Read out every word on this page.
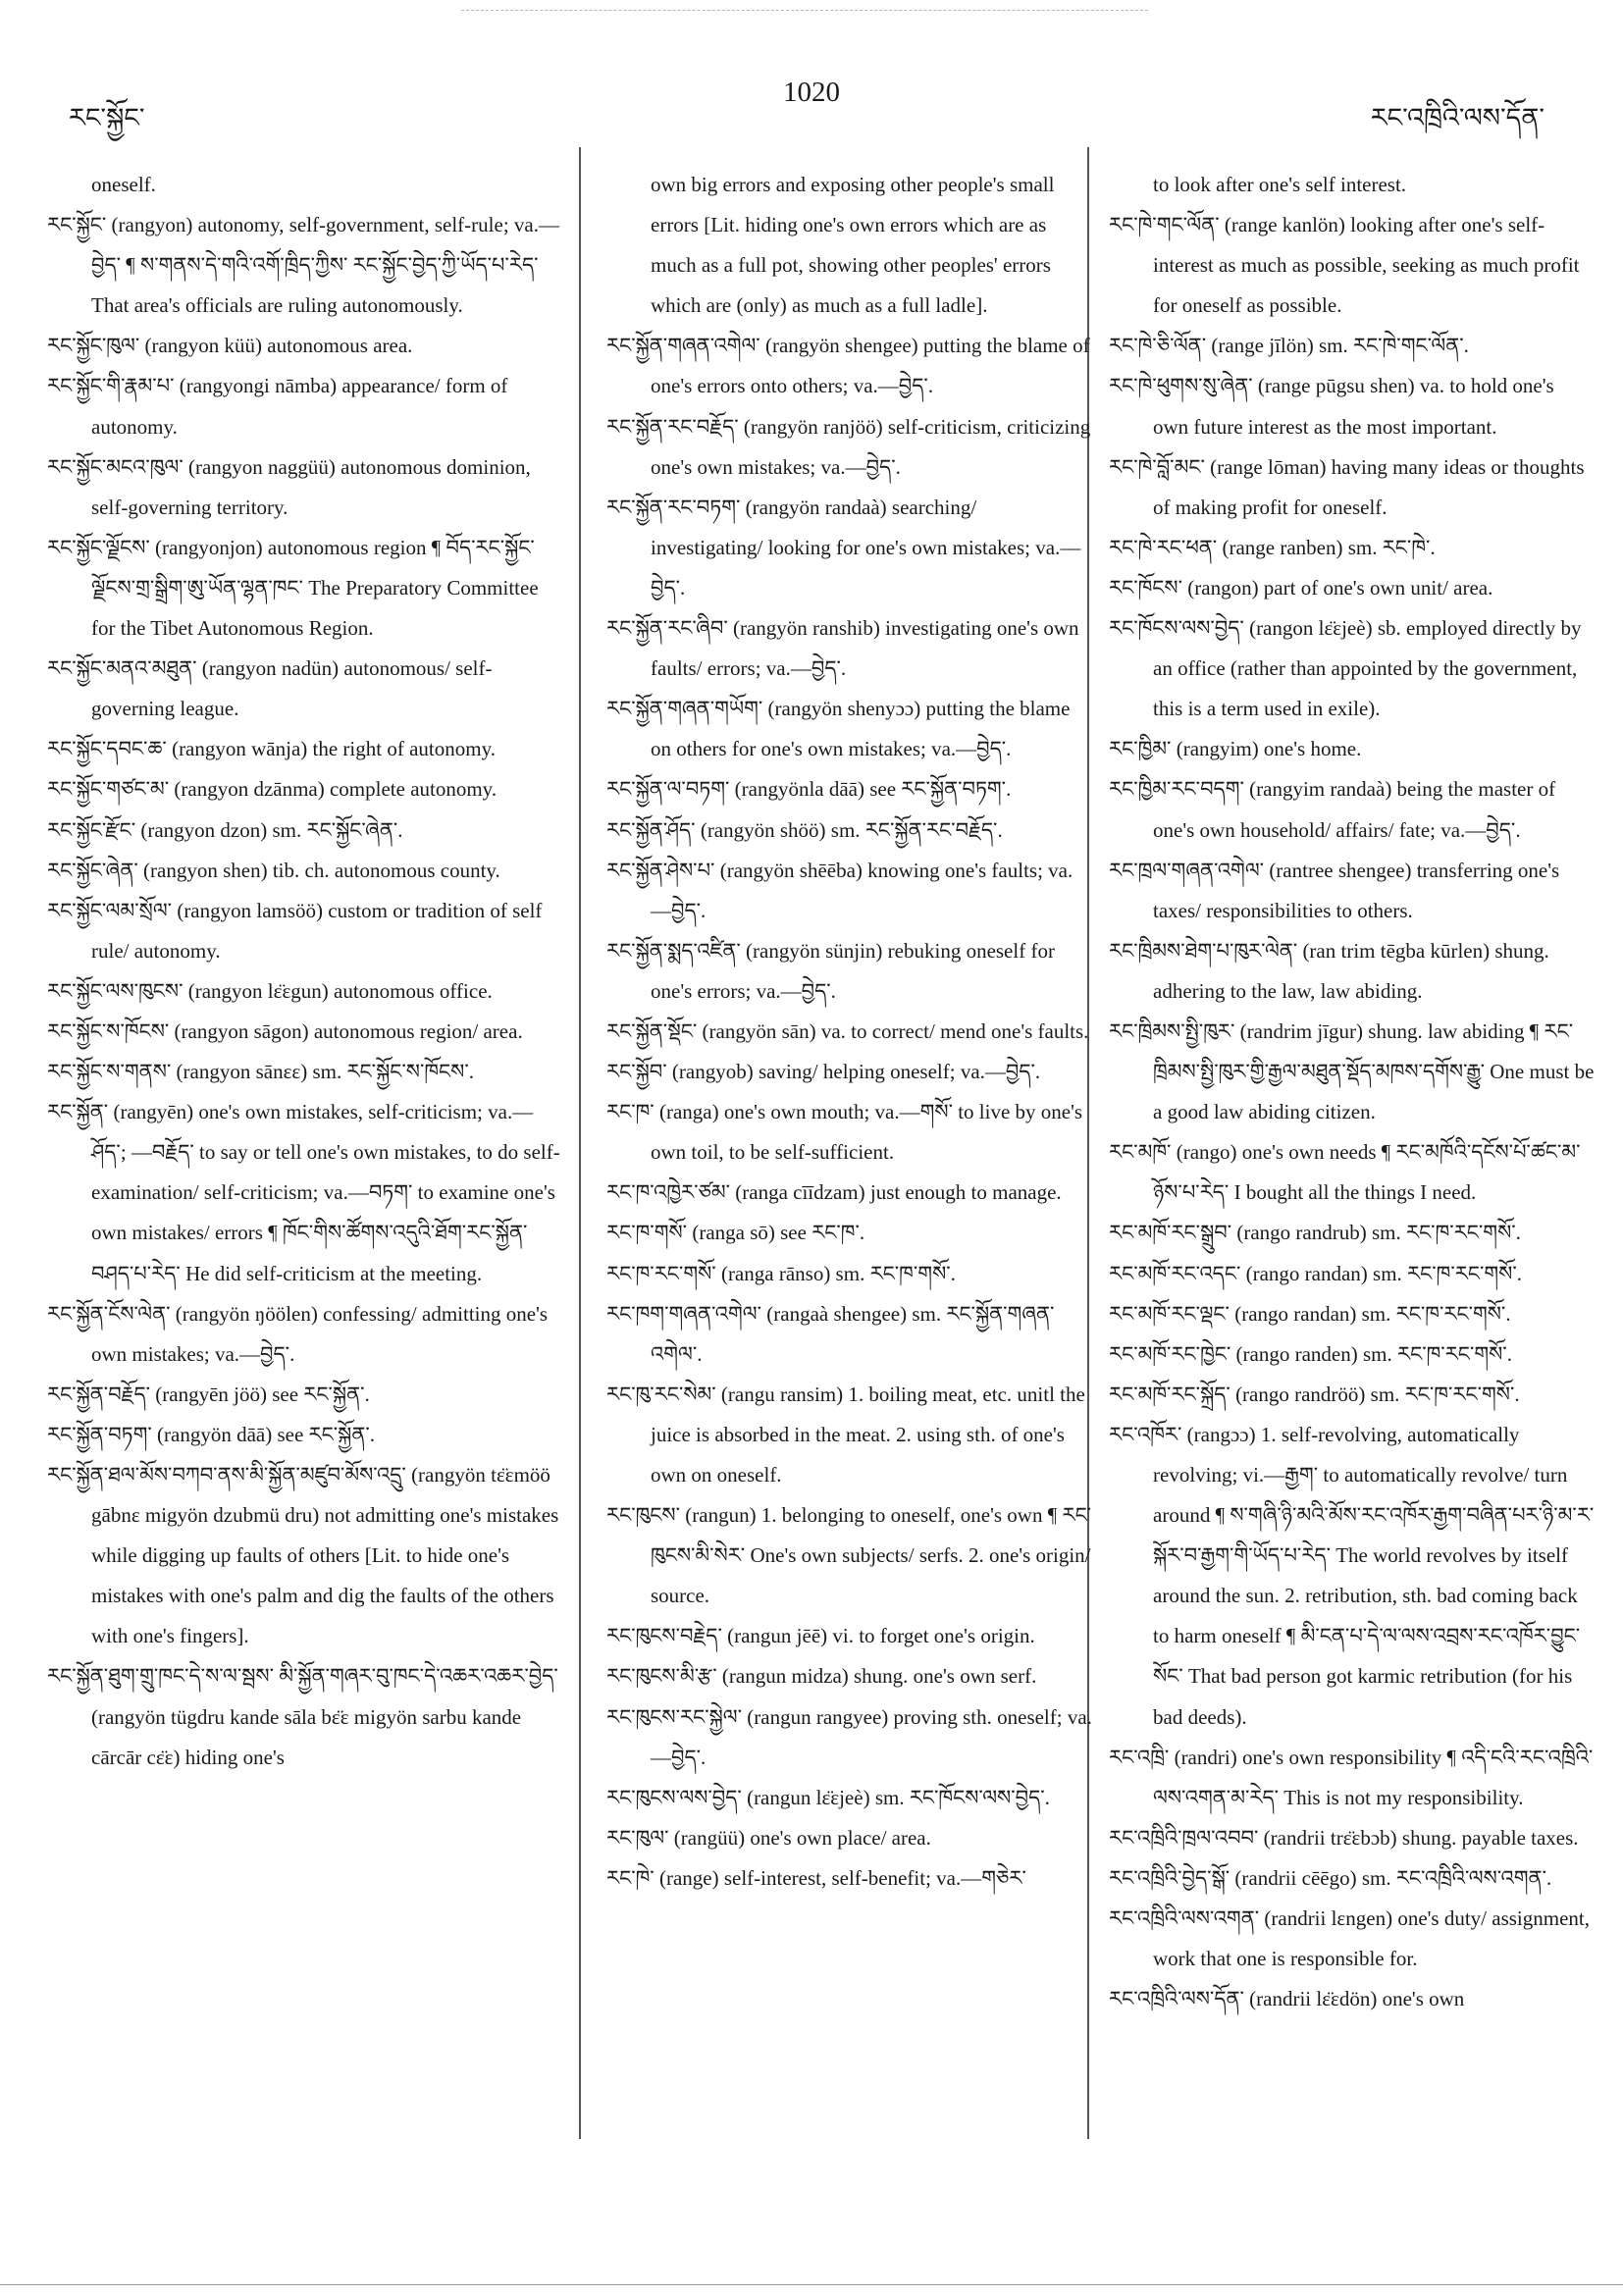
རང་སྐྱོང་
1020
རང་འཁྲིའི་ལས་དོན་

oneself.

རང་སྐྱོང་ (rangyon) autonomy, self-government, self-rule; va.—བྱེད་ ¶ ས་གནས་དེ་གའི་འགོ་ཁྲིད་ཀྱིས་ རང་སྐྱོང་བྱེད་ཀྱི་ཡོད་པ་རེད་ That area's officials are ruling autonomously.

རང་སྐྱོང་ཁུལ་ (rangyon küü) autonomous area.

རང་སྐྱོང་གི་རྣམ་པ་ (rangyongi nāmba) appearance/ form of autonomy.

རང་སྐྱོང་མངའ་ཁུལ་ (rangyon naggüü) autonomous dominion, self-governing territory.

རང་སྐྱོང་ལྗོངས་ (rangyonjon) autonomous region ¶ བོད་རང་སྐྱོང་ལྗོངས་གྲ་སྒྲིག་ཨུ་ཡོན་ལྷན་ཁང་ The Preparatory Committee for the Tibet Autonomous Region.

རང་སྐྱོང་མནའ་མཐུན་ (rangyon nadün) autonomous/ self-governing league.

རང་སྐྱོང་དབང་ཆ་ (rangyon wānja) the right of autonomy.

རང་སྐྱོང་གཙང་མ་ (rangyon dzānma) complete autonomy.

རང་སྐྱོང་རྫོང་ (rangyon dzon) sm. རང་སྐྱོང་ཞེན་.

རང་སྐྱོང་ཞེན་ (rangyon shen) tib. ch. autonomous county.

རང་སྐྱོང་ལམ་སྲོལ་ (rangyon lamsöö) custom or tradition of self rule/ autonomy.

རང་སྐྱོང་ལས་ཁུངས་ (rangyon lɛ̈ɛgun) autonomous office.

རང་སྐྱོང་ས་ཁོངས་ (rangyon sāgon) autonomous region/ area.

རང་སྐྱོང་ས་གནས་ (rangyon sānɛɛ) sm. རང་སྐྱོང་ས་ཁོངས་.

རང་སྐྱོན་ (rangyēn) one's own mistakes, self-criticism; va.—ཤོད་; —བརྗོད་ to say or tell one's own mistakes, to do self-examination/ self-criticism; va.—བཏག་ to examine one's own mistakes/ errors ¶ ཁོང་གིས་ཚོགས་འདུའི་ཐོག་རང་སྐྱོན་བཤད་པ་རེད་ He did self-criticism at the meeting.

རང་སྐྱོན་ངོས་ལེན་ (rangyön ŋöölen) confessing/ admitting one's own mistakes; va.—བྱེད་.

རང་སྐྱོན་བརྗོད་ (rangyēn jöö) see རང་སྐྱོན་.

རང་སྐྱོན་བཏག་ (rangyön dāā) see རང་སྐྱོན་.

རང་སྐྱོན་ཐལ་མོས་བཀབ་ནས་མི་སྐྱོན་མཛུབ་མོས་འདྲུ་ (rangyön tɛ̈ɛmöö gābnɛ migyön dzubmü dru) not admitting one's mistakes while digging up faults of others [Lit. to hide one's mistakes with one's palm and dig the faults of the others with one's fingers].

རང་སྐྱོན་ཐུག་གྲུ་ཁང་དེ་ས་ལ་སྦས་ མི་སྐྱོན་གཞར་བུ་ཁང་དེ་འཆར་འཆར་བྱེད་ (rangyön tügdru kande sāla bɛ̈ɛ migyön sarbu kande cārcār cɛ̈ɛ) hiding one's

own big errors and exposing other people's small errors [Lit. hiding one's own errors which are as much as a full pot, showing other peoples' errors which are (only) as much as a full ladle].

རང་སྐྱོན་གཞན་འགེལ་ (rangyön shengee) putting the blame of one's errors onto others; va.—བྱེད་.

རང་སྐྱོན་རང་བརྗོད་ (rangyön ranjöö) self-criticism, criticizing one's own mistakes; va.—བྱེད་.

རང་སྐྱོན་རང་བཏག་ (rangyön randaà) searching/ investigating/ looking for one's own mistakes; va.—བྱེད་.

རང་སྐྱོན་རང་ཞིབ་ (rangyön ranshib) investigating one's own faults/ errors; va.—བྱེད་.

རང་སྐྱོན་གཞན་གཡོག་ (rangyön shenyɔɔ) putting the blame on others for one's own mistakes; va.—བྱེད་.

རང་སྐྱོན་ལ་བཏག་ (rangyönla dāā) see རང་སྐྱོན་བཏག་.

རང་སྐྱོན་ཤོད་ (rangyön shöö) sm. རང་སྐྱོན་རང་བརྗོད་.

རང་སྐྱོན་ཤེས་པ་ (rangyön shēēba) knowing one's faults; va.—བྱེད་.

རང་སྐྱོན་སྨད་འཛིན་ (rangyön sünjin) rebuking oneself for one's errors; va.—བྱེད་.

རང་སྐྱོན་སྡོང་ (rangyön sān) va. to correct/ mend one's faults.

རང་སྐྱོབ་ (rangyob) saving/ helping oneself; va.—བྱེད་.

རང་ཁ་ (ranga) one's own mouth; va.—གསོ་ to live by one's own toil, to be self-sufficient.

རང་ཁ་འཁྱེར་ཙམ་ (ranga cīīdzam) just enough to manage.

རང་ཁ་གསོ་ (ranga sō) see རང་ཁ་.

རང་ཁ་རང་གསོ་ (ranga rānso) sm. རང་ཁ་གསོ་.

རང་ཁག་གཞན་འགེལ་ (rangaà shengee) sm. རང་སྐྱོན་གཞན་འགེལ་.

རང་ཁུ་རང་སེམ་ (rangu ransim) 1. boiling meat, etc. unitl the juice is absorbed in the meat. 2. using sth. of one's own on oneself.

རང་ཁུངས་ (rangun) 1. belonging to oneself, one's own ¶ རང་ཁུངས་མི་སེར་ One's own subjects/ serfs. 2. one's origin/ source.

རང་ཁུངས་བརྗེད་ (rangun jēē) vi. to forget one's origin.

རང་ཁུངས་མི་རྩ་ (rangun midza) shung. one's own serf.

རང་ཁུངས་རང་སྐྱེལ་ (rangun rangyee) proving sth. oneself; va.—བྱེད་.

རང་ཁུངས་ལས་བྱེད་ (rangun lɛ̈ɛjeè) sm. རང་ཁོངས་ལས་བྱེད་.

རང་ཁུལ་ (rangüü) one's own place/ area.

རང་ཁེ་ (range) self-interest, self-benefit; va.—གཅེར་

to look after one's self interest.

རང་ཁེ་གང་ལོན་ (range kanlön) looking after one's self-interest as much as possible, seeking as much profit for oneself as possible.

རང་ཁེ་ཅི་ལོན་ (range jīlön) sm. རང་ཁེ་གང་ལོན་.

རང་ཁེ་ཕུགས་སུ་ཞེན་ (range pūgsu shen) va. to hold one's own future interest as the most important.

རང་ཁེ་བློ་མང་ (range lōman) having many ideas or thoughts of making profit for oneself.

རང་ཁེ་རང་ཕན་ (range ranben) sm. རང་ཁེ་.

རང་ཁོངས་ (rangon) part of one's own unit/ area.

རང་ཁོངས་ལས་བྱེད་ (rangon lɛ̈ɛjeè) sb. employed directly by an office (rather than appointed by the government, this is a term used in exile).

རང་ཁྱིམ་ (rangyim) one's home.

རང་ཁྱིམ་རང་བདག་ (rangyim randaà) being the master of one's own household/ affairs/ fate; va.—བྱེད་.

རང་ཁྲལ་གཞན་འགེལ་ (rantree shengee) transferring one's taxes/ responsibilities to others.

རང་ཁྲིམས་ཐེག་པ་ཁུར་ལེན་ (ran trim tēgba kūrlen) shung. adhering to the law, law abiding.

རང་ཁྲིམས་སྤྱི་ཁུར་ (randrim jīgur) shung. law abiding ¶ རང་ཁྲིམས་སྤྱི་ཁུར་གྱི་རྒྱལ་མཐུན་སྡོད་མཁས་དགོས་རྒྱུ་ One must be a good law abiding citizen.

རང་མཁོ་ (rango) one's own needs ¶ རང་མཁོའི་དངོས་པོ་ཚང་མ་ཉོས་པ་རེད་ I bought all the things I need.

རང་མཁོ་རང་སྒྲུབ་ (rango randrub) sm. རང་ཁ་རང་གསོ་.

རང་མཁོ་རང་འདང་ (rango randan) sm. རང་ཁ་རང་གསོ་.

རང་མཁོ་རང་ལྡང་ (rango randan) sm. རང་ཁ་རང་གསོ་.

རང་མཁོ་རང་ཁྱེང་ (rango randen) sm. རང་ཁ་རང་གསོ་.

རང་མཁོ་རང་སྐྲོད་ (rango randröö) sm. རང་ཁ་རང་གསོ་.

རང་འཁོར་ (rangɔɔ) 1. self-revolving, automatically revolving; vi.—རྒྱག་ to automatically revolve/ turn around ¶ ས་གཞི་ཉི་མའི་མོས་རང་འཁོར་རྒྱག་བཞིན་པར་ཉི་མ་ར་སྐོར་བ་རྒྱག་གི་ཡོད་པ་རེད་ The world revolves by itself around the sun. 2. retribution, sth. bad coming back to harm oneself ¶ མི་ངན་པ་དེ་ལ་ལས་འབྲས་རང་འཁོར་བྱུང་སོང་ That bad person got karmic retribution (for his bad deeds).

རང་འཁྲི་ (randri) one's own responsibility ¶ འདི་ངའི་རང་འཁྲིའི་ལས་འགན་མ་རེད་ This is not my responsibility.

རང་འཁྲིའི་ཁྲལ་འབབ་ (randrii trɛ̈ɛbɔb) shung. payable taxes.

རང་འཁྲིའི་བྱེད་སྒོ་ (randrii cēēgo) sm. རང་འཁྲིའི་ལས་འགན་.

རང་འཁྲིའི་ལས་འགན་ (randrii lɛngen) one's duty/ assignment, work that one is responsible for.

རང་འཁྲིའི་ལས་དོན་ (randrii lɛ̈ɛdön) one's own
